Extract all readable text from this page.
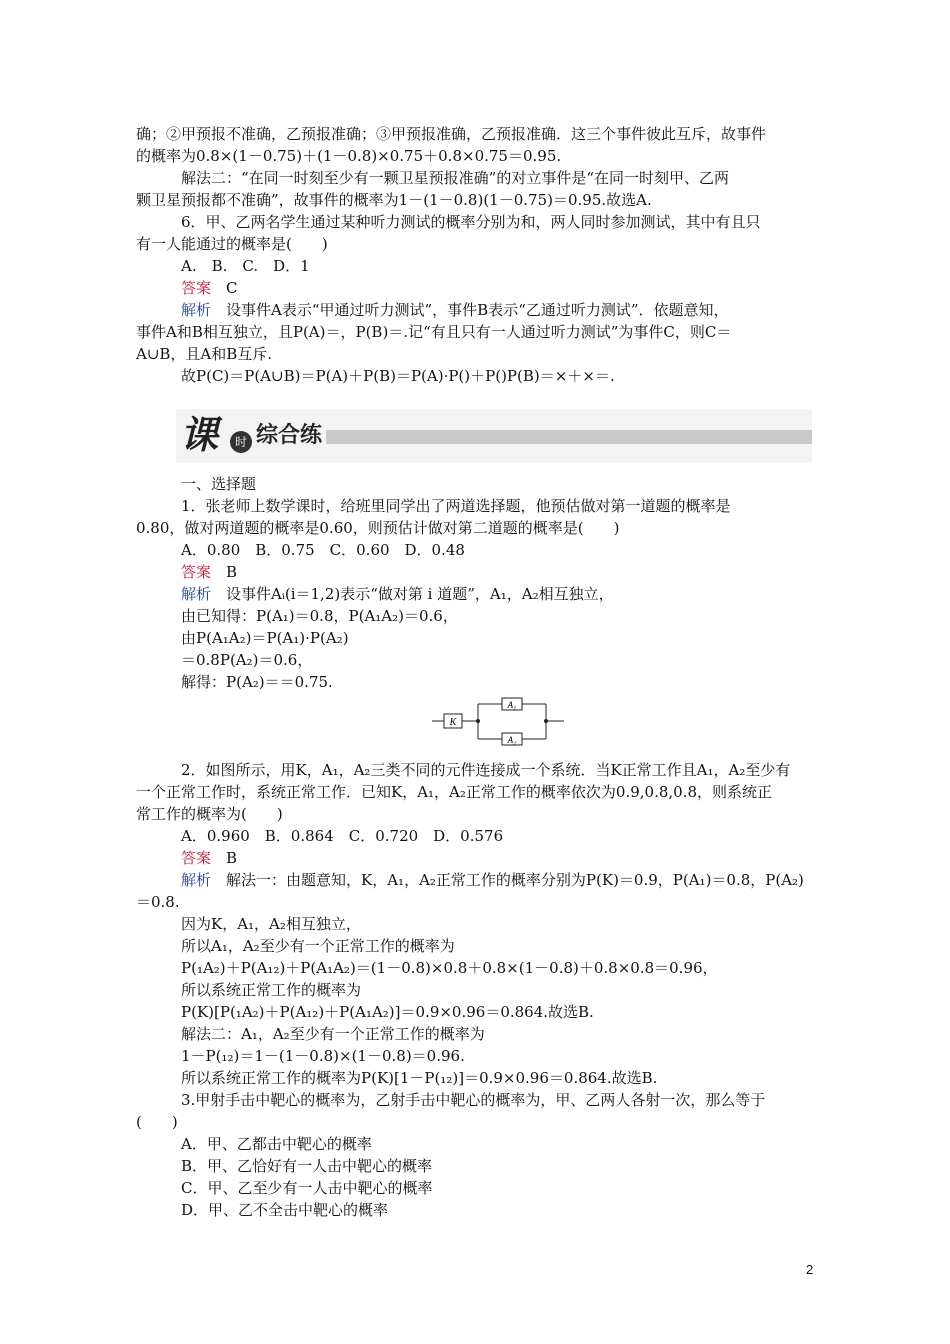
确；②甲预报不准确，乙预报准确；③甲预报准确，乙预报准确．这三个事件彼此互斥，故事件
的概率为0.8×(1－0.75)＋(1－0.8)×0.75＋0.8×0.75＝0.95.
解法二：“在同一时刻至少有一颗卫星预报准确”的对立事件是“在同一时刻甲、乙两
颗卫星预报都不准确”，故事件的概率为1－(1－0.8)(1－0.75)＝0.95.故选A.
6．甲、乙两名学生通过某种听力测试的概率分别为和，两人同时参加测试，其中有且只
有一人能通过的概率是(　　)
A.　B.　C.　D．1
答案　C
解析　设事件A表示“甲通过听力测试”，事件B表示“乙通过听力测试”．依题意知，
事件A和B相互独立，且P(A)＝，P(B)＝.记“有且只有一人通过听力测试”为事件C，则C＝
A∪B，且A和B互斥.
故P(C)＝P(A∪B)＝P(A)＋P(B)＝P(A)·P()＋P()P(B)＝×＋×＝.
课	时 综合练
一、选择题
1．张老师上数学课时，给班里同学出了两道选择题，他预估做对第一道题的概率是
0.80，做对两道题的概率是0.60，则预估计做对第二道题的概率是(　　)
A．0.80　B．0.75　C．0.60　D．0.48
答案　B
解析　设事件Aᵢ(i＝1,2)表示“做对第 i 道题”，A₁，A₂相互独立，
由已知得：P(A₁)＝0.8，P(A₁A₂)＝0.6，
由P(A₁A₂)＝P(A₁)·P(A₂)
＝0.8P(A₂)＝0.6，
解得：P(A₂)＝＝0.75.
K
A₁
A₂
2．如图所示，用K，A₁，A₂三类不同的元件连接成一个系统．当K正常工作且A₁，A₂至少有
一个正常工作时，系统正常工作．已知K，A₁，A₂正常工作的概率依次为0.9,0.8,0.8，则系统正
常工作的概率为(　　)
A．0.960　B．0.864　C．0.720　D．0.576
答案　B
解析　解法一：由题意知，K，A₁，A₂正常工作的概率分别为P(K)＝0.9，P(A₁)＝0.8，P(A₂)
＝0.8.
因为K，A₁，A₂相互独立，
所以A₁，A₂至少有一个正常工作的概率为
P(₁A₂)＋P(A₁₂)＋P(A₁A₂)＝(1－0.8)×0.8＋0.8×(1－0.8)＋0.8×0.8＝0.96，
所以系统正常工作的概率为
P(K)[P(₁A₂)＋P(A₁₂)＋P(A₁A₂)]＝0.9×0.96＝0.864.故选B.
解法二：A₁，A₂至少有一个正常工作的概率为
1－P(₁₂)＝1－(1－0.8)×(1－0.8)＝0.96.
所以系统正常工作的概率为P(K)[1－P(₁₂)]＝0.9×0.96＝0.864.故选B.
3.甲射手击中靶心的概率为，乙射手击中靶心的概率为，甲、乙两人各射一次，那么等于
(　　)
A．甲、乙都击中靶心的概率
B．甲、乙恰好有一人击中靶心的概率
C．甲、乙至少有一人击中靶心的概率
D．甲、乙不全击中靶心的概率
2
